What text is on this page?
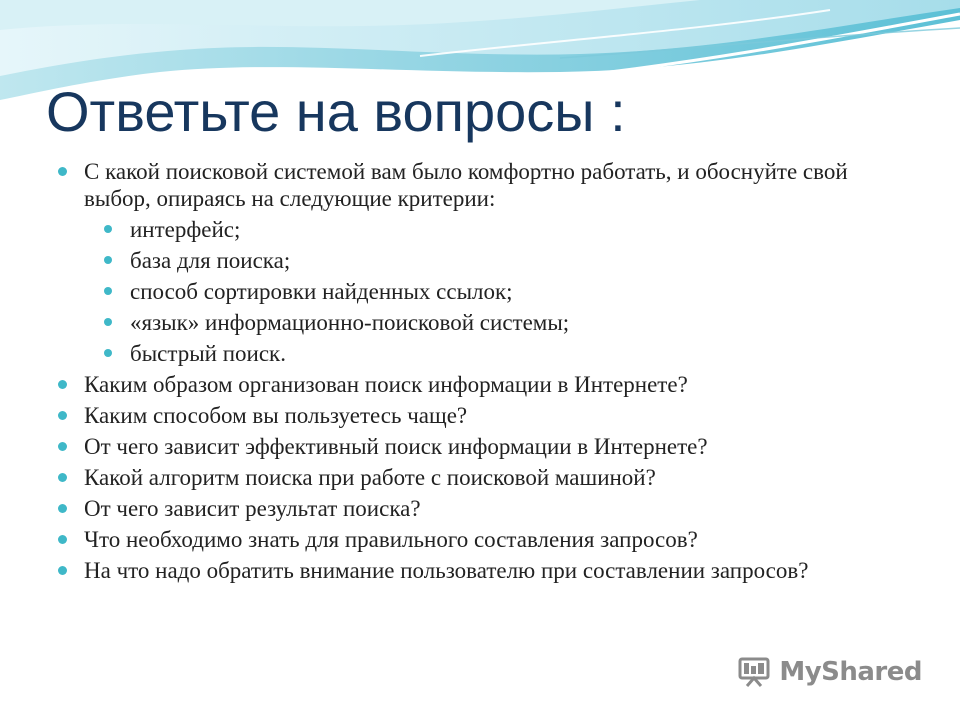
Ответьте на вопросы :
С какой поисковой системой вам было комфортно работать, и обоснуйте свой выбор, опираясь на следующие критерии:
интерфейс;
база для поиска;
способ сортировки найденных ссылок;
«язык» информационно-поисковой системы;
быстрый поиск.
Каким образом организован поиск информации в Интернете?
Каким способом вы пользуетесь чаще?
От чего зависит эффективный поиск информации в Интернете?
Какой алгоритм поиска при работе с поисковой машиной?
От чего зависит результат поиска?
Что необходимо знать для правильного составления запросов?
На что надо обратить внимание пользователю при составлении запросов?
MyShared
